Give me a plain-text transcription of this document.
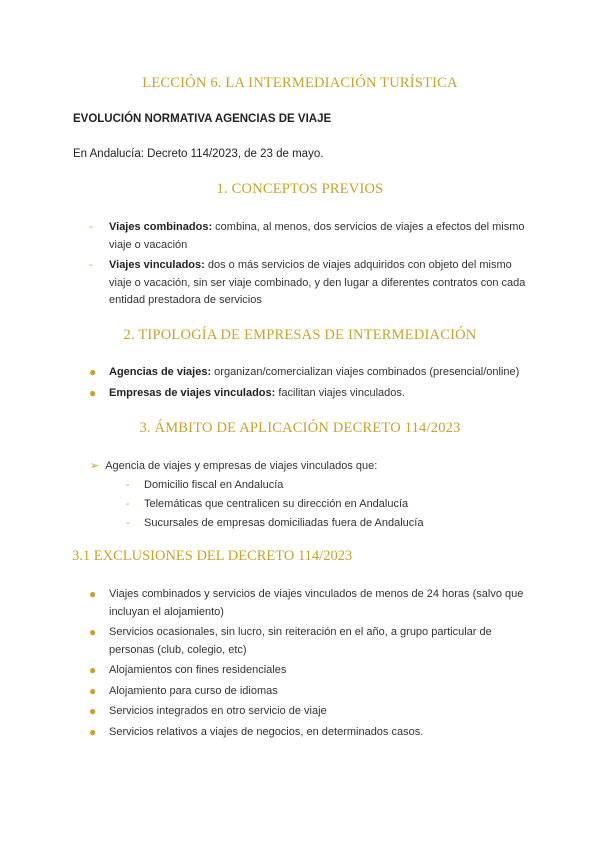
LECCIÓN 6. LA INTERMEDIACIÓN TURÍSTICA

EVOLUCIÓN NORMATIVA AGENCIAS DE VIAJE

En Andalucía: Decreto 114/2023, de 23 de mayo.

1. CONCEPTOS PREVIOS
- Viajes combinados: combina, al menos, dos servicios de viajes a efectos del mismo viaje o vacación
- Viajes vinculados: dos o más servicios de viajes adquiridos con objeto del mismo viaje o vacación, sin ser viaje combinado, y den lugar a diferentes contratos con cada entidad prestadora de servicios
2. TIPOLOGÍA DE EMPRESAS DE INTERMEDIACIÓN
● Agencias de viajes: organizan/comercializan viajes combinados (presencial/online)
● Empresas de viajes vinculados: facilitan viajes vinculados.
3. ÁMBITO DE APLICACIÓN DECRETO 114/2023

➢ Agencia de viajes y empresas de viajes vinculados que:

- Domicilio fiscal en Andalucía
- Telemáticas que centralicen su dirección en Andalucía
- Sucursales de empresas domiciliadas fuera de Andalucía
3.1 EXCLUSIONES DEL DECRETO 114/2023
● Viajes combinados y servicios de viajes vinculados de menos de 24 horas (salvo que incluyan el alojamiento)
● Servicios ocasionales, sin lucro, sin reiteración en el año, a grupo particular de personas (club, colegio, etc)
● Alojamientos con fines residenciales
● Alojamiento para curso de idiomas
● Servicios integrados en otro servicio de viaje
● Servicios relativos a viajes de negocios, en determinados casos.
